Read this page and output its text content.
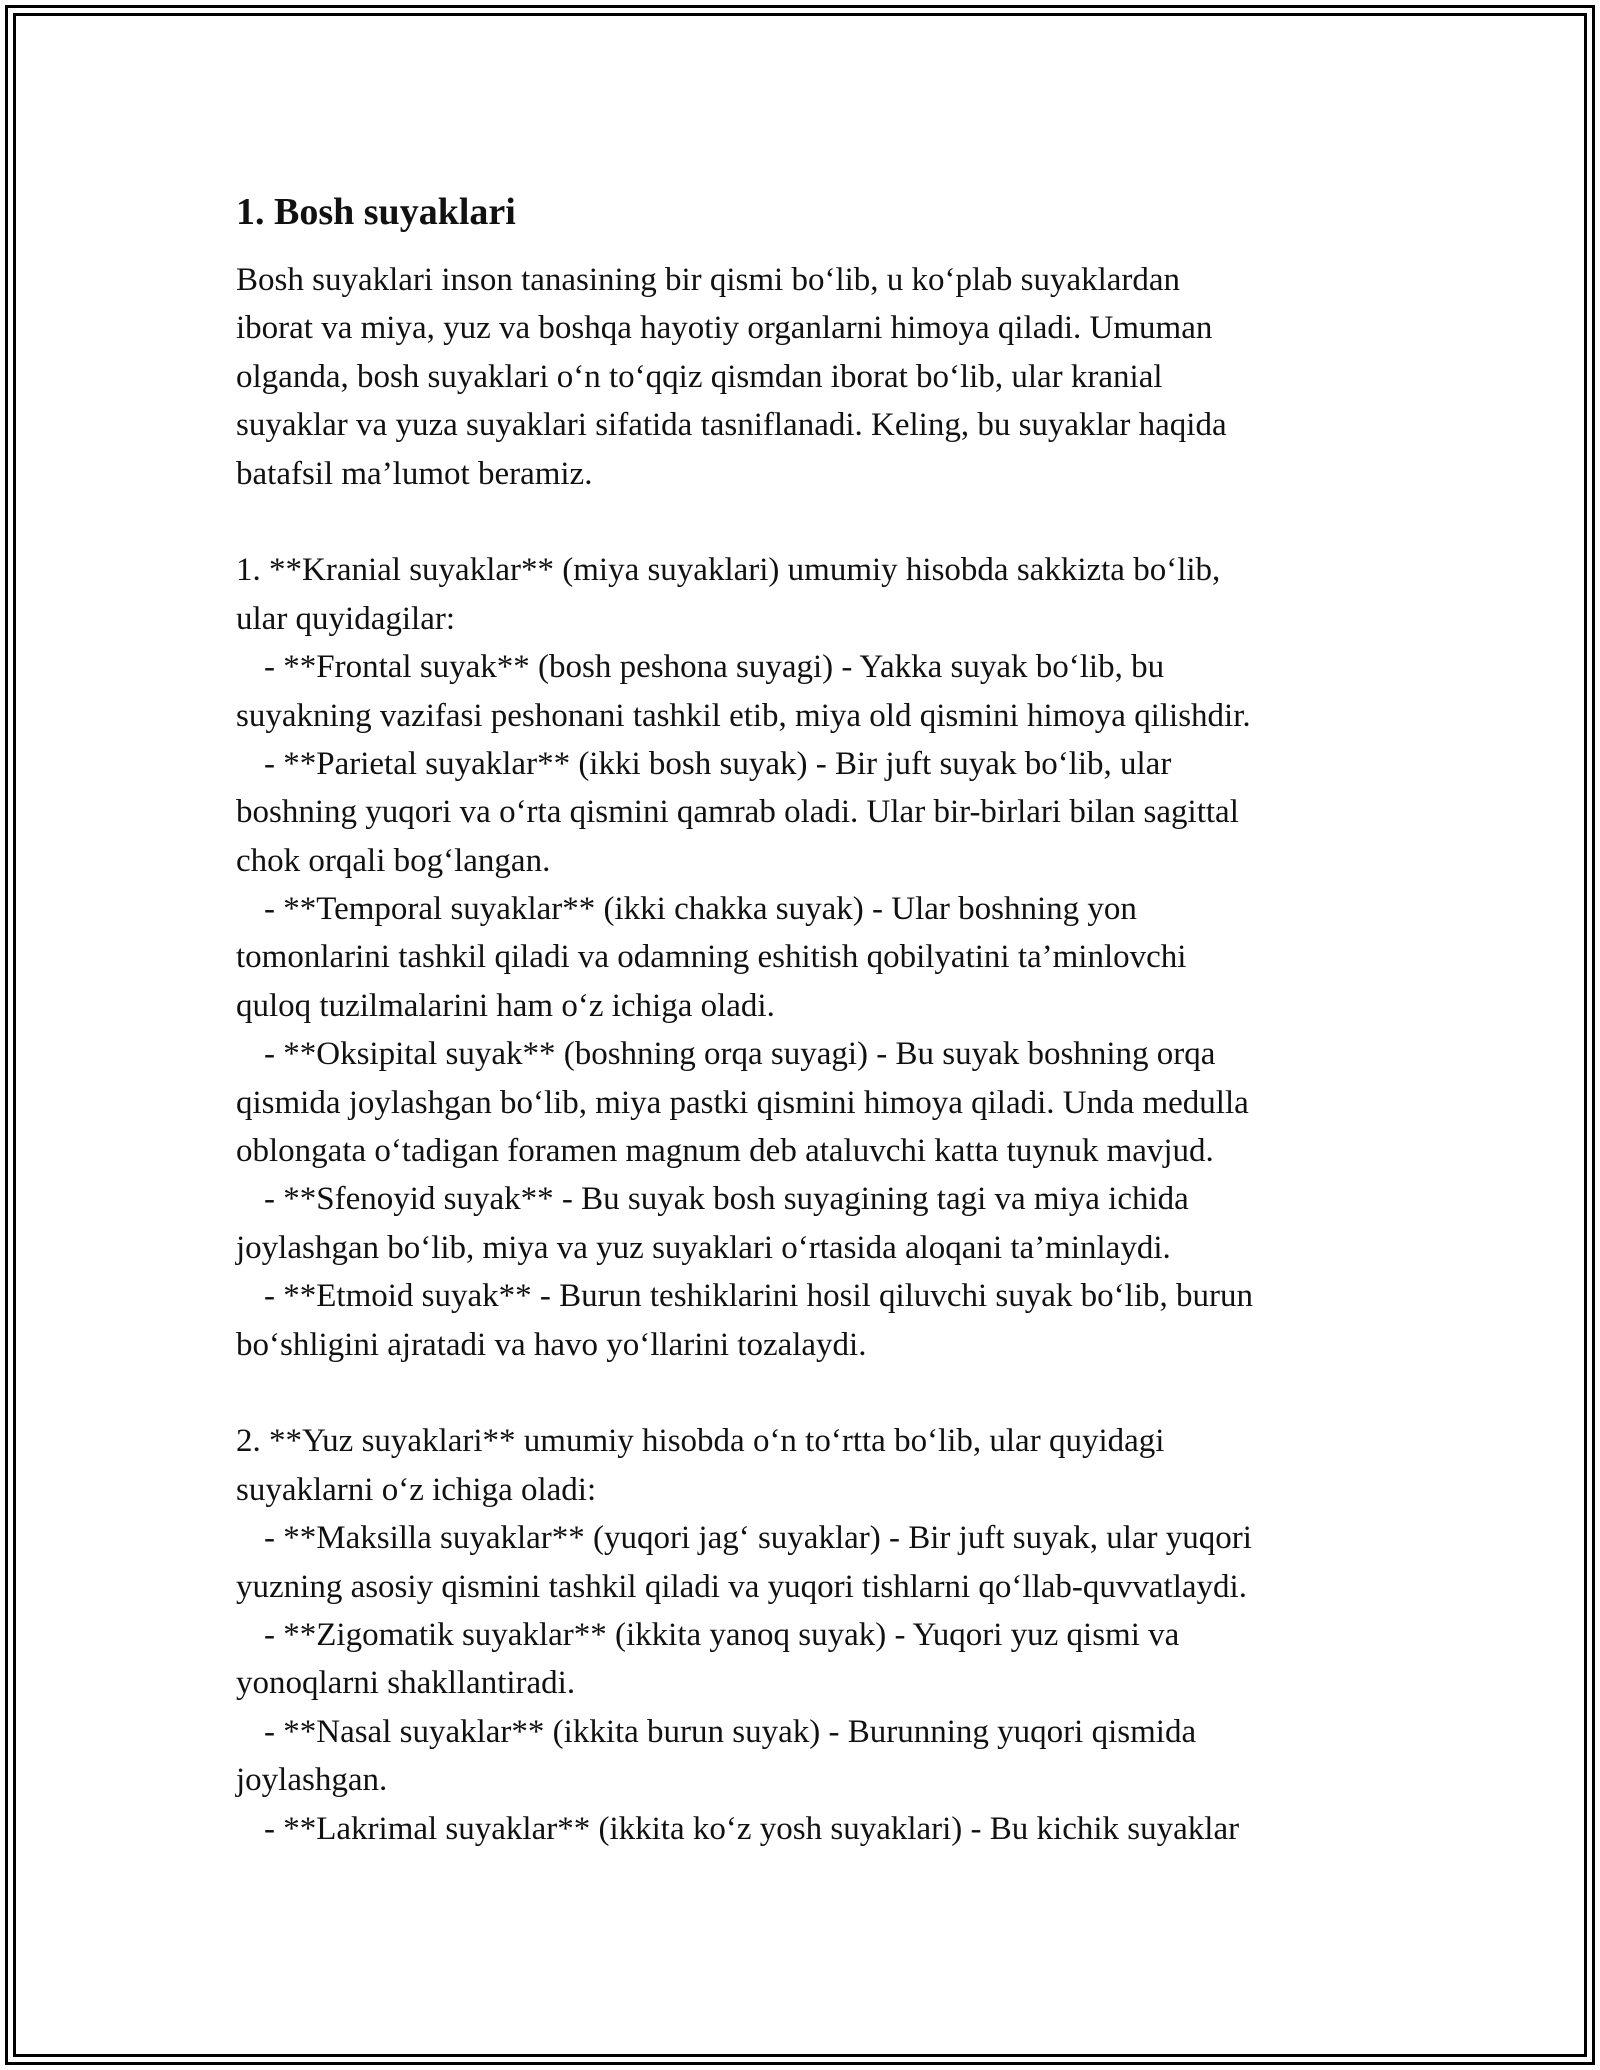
1. Bosh suyaklari
Bosh suyaklari inson tanasining bir qismi bo‘lib, u ko‘plab suyaklardan
iborat va miya, yuz va boshqa hayotiy organlarni himoya qiladi. Umuman
olganda, bosh suyaklari o‘n to‘qqiz qismdan iborat bo‘lib, ular kranial
suyaklar va yuza suyaklari sifatida tasniflanadi. Keling, bu suyaklar haqida
batafsil ma’lumot beramiz.
1. **Kranial suyaklar** (miya suyaklari) umumiy hisobda sakkizta bo‘lib,
ular quyidagilar:
- **Frontal suyak** (bosh peshona suyagi) - Yakka suyak bo‘lib, bu
suyakning vazifasi peshonani tashkil etib, miya old qismini himoya qilishdir.
- **Parietal suyaklar** (ikki bosh suyak) - Bir juft suyak bo‘lib, ular
boshning yuqori va o‘rta qismini qamrab oladi. Ular bir-birlari bilan sagittal
chok orqali bog‘langan.
- **Temporal suyaklar** (ikki chakka suyak) - Ular boshning yon
tomonlarini tashkil qiladi va odamning eshitish qobilyatini ta’minlovchi
quloq tuzilmalarini ham o‘z ichiga oladi.
- **Oksipital suyak** (boshning orqa suyagi) - Bu suyak boshning orqa
qismida joylashgan bo‘lib, miya pastki qismini himoya qiladi. Unda medulla
oblongata o‘tadigan foramen magnum deb ataluvchi katta tuynuk mavjud.
- **Sfenoyid suyak** - Bu suyak bosh suyagining tagi va miya ichida
joylashgan bo‘lib, miya va yuz suyaklari o‘rtasida aloqani ta’minlaydi.
- **Etmoid suyak** - Burun teshiklarini hosil qiluvchi suyak bo‘lib, burun
bo‘shligini ajratadi va havo yo‘llarini tozalaydi.
2. **Yuz suyaklari** umumiy hisobda o‘n to‘rtta bo‘lib, ular quyidagi
suyaklarni o‘z ichiga oladi:
- **Maksilla suyaklar** (yuqori jag‘ suyaklar) - Bir juft suyak, ular yuqori
yuzning asosiy qismini tashkil qiladi va yuqori tishlarni qo‘llab-quvvatlaydi.
- **Zigomatik suyaklar** (ikkita yanoq suyak) - Yuqori yuz qismi va
yonoqlarni shakllantiradi.
- **Nasal suyaklar** (ikkita burun suyak) - Burunning yuqori qismida
joylashgan.
- **Lakrimal suyaklar** (ikkita ko‘z yosh suyaklari) - Bu kichik suyaklar
